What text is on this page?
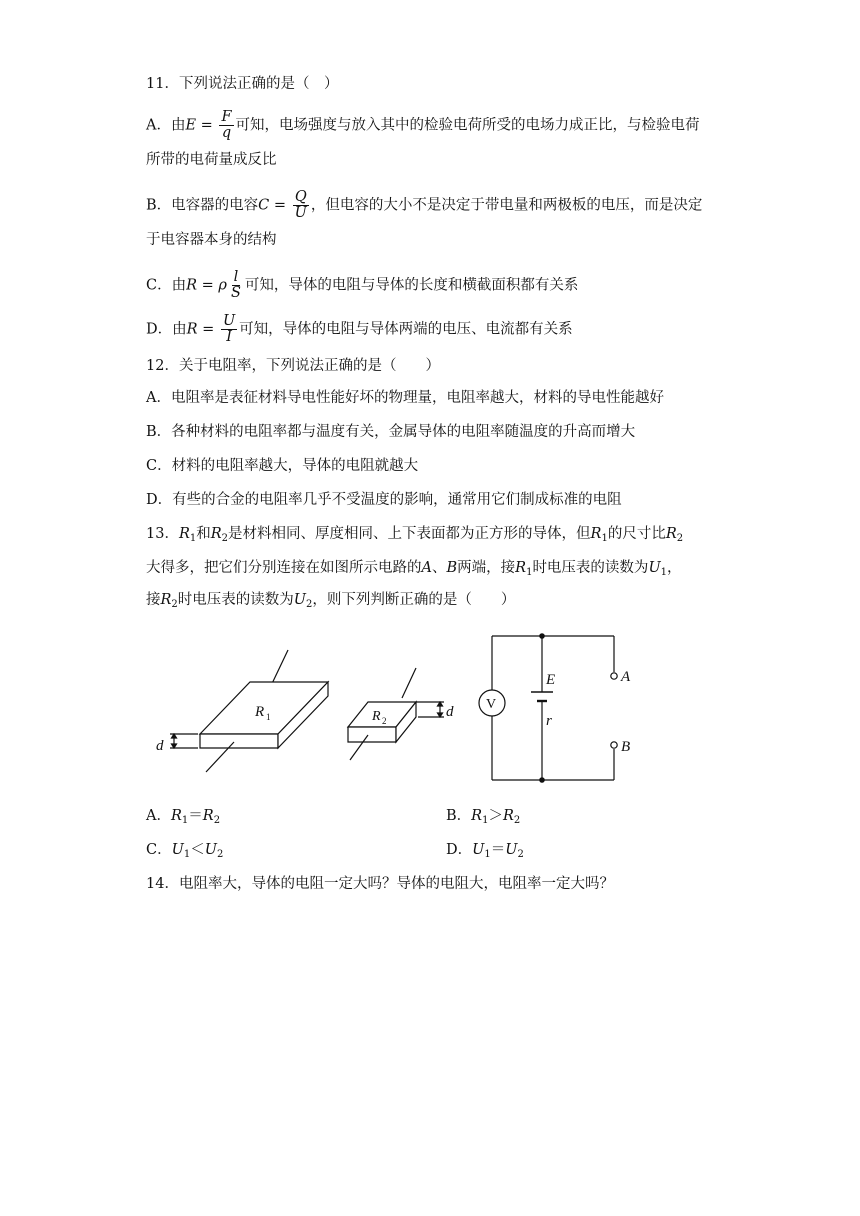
11．下列说法正确的是（　）
A．由$E = \frac{F}{q}$ 可知，电场强度与放入其中的检验电荷所受的电场力成正比，与检验电荷
所带的电荷量成反比
B．电容器的电容$C = \frac{Q}{U}$ ，但电容的大小不是决定于带电量和两极板的电压，而是决定
于电容器本身的结构
C．由R = ρ $\frac{l}{S}$ 可知，导体的电阻与导体的长度和横截面积都有关系
D．由$R = \frac{U}{I}$ 可知，导体的电阻与导体两端的电压、电流都有关系
12．关于电阻率，下列说法正确的是（　　）
A．电阻率是表征材料导电性能好坏的物理量，电阻率越大，材料的导电性能越好
B．各种材料的电阻率都与温度有关，金属导体的电阻率随温度的升高而增大
C．材料的电阻率越大，导体的电阻就越大
D．有些的合金的电阻率几乎不受温度的影响，通常用它们制成标准的电阻
13．$R_1$和$R_2$是材料相同、厚度相同、上下表面都为正方形的导体，但$R_1$的尺寸比$R_2$
大得多，把它们分别连接在如图所示电路的A、B两端，接$R_1$时电压表的读数为$U_1$，
接$R_2$时电压表的读数为$U_2$，则下列判断正确的是（　　）
R 1
d
R 2
d V
E
r
A
B
A．$R_1=R_2$	B．$R_1>R_2$
C．$U_1<U_2$	D．$U_1=U_2$
14．电阻率大，导体的电阻一定大吗？导体的电阻大，电阻率一定大吗？
